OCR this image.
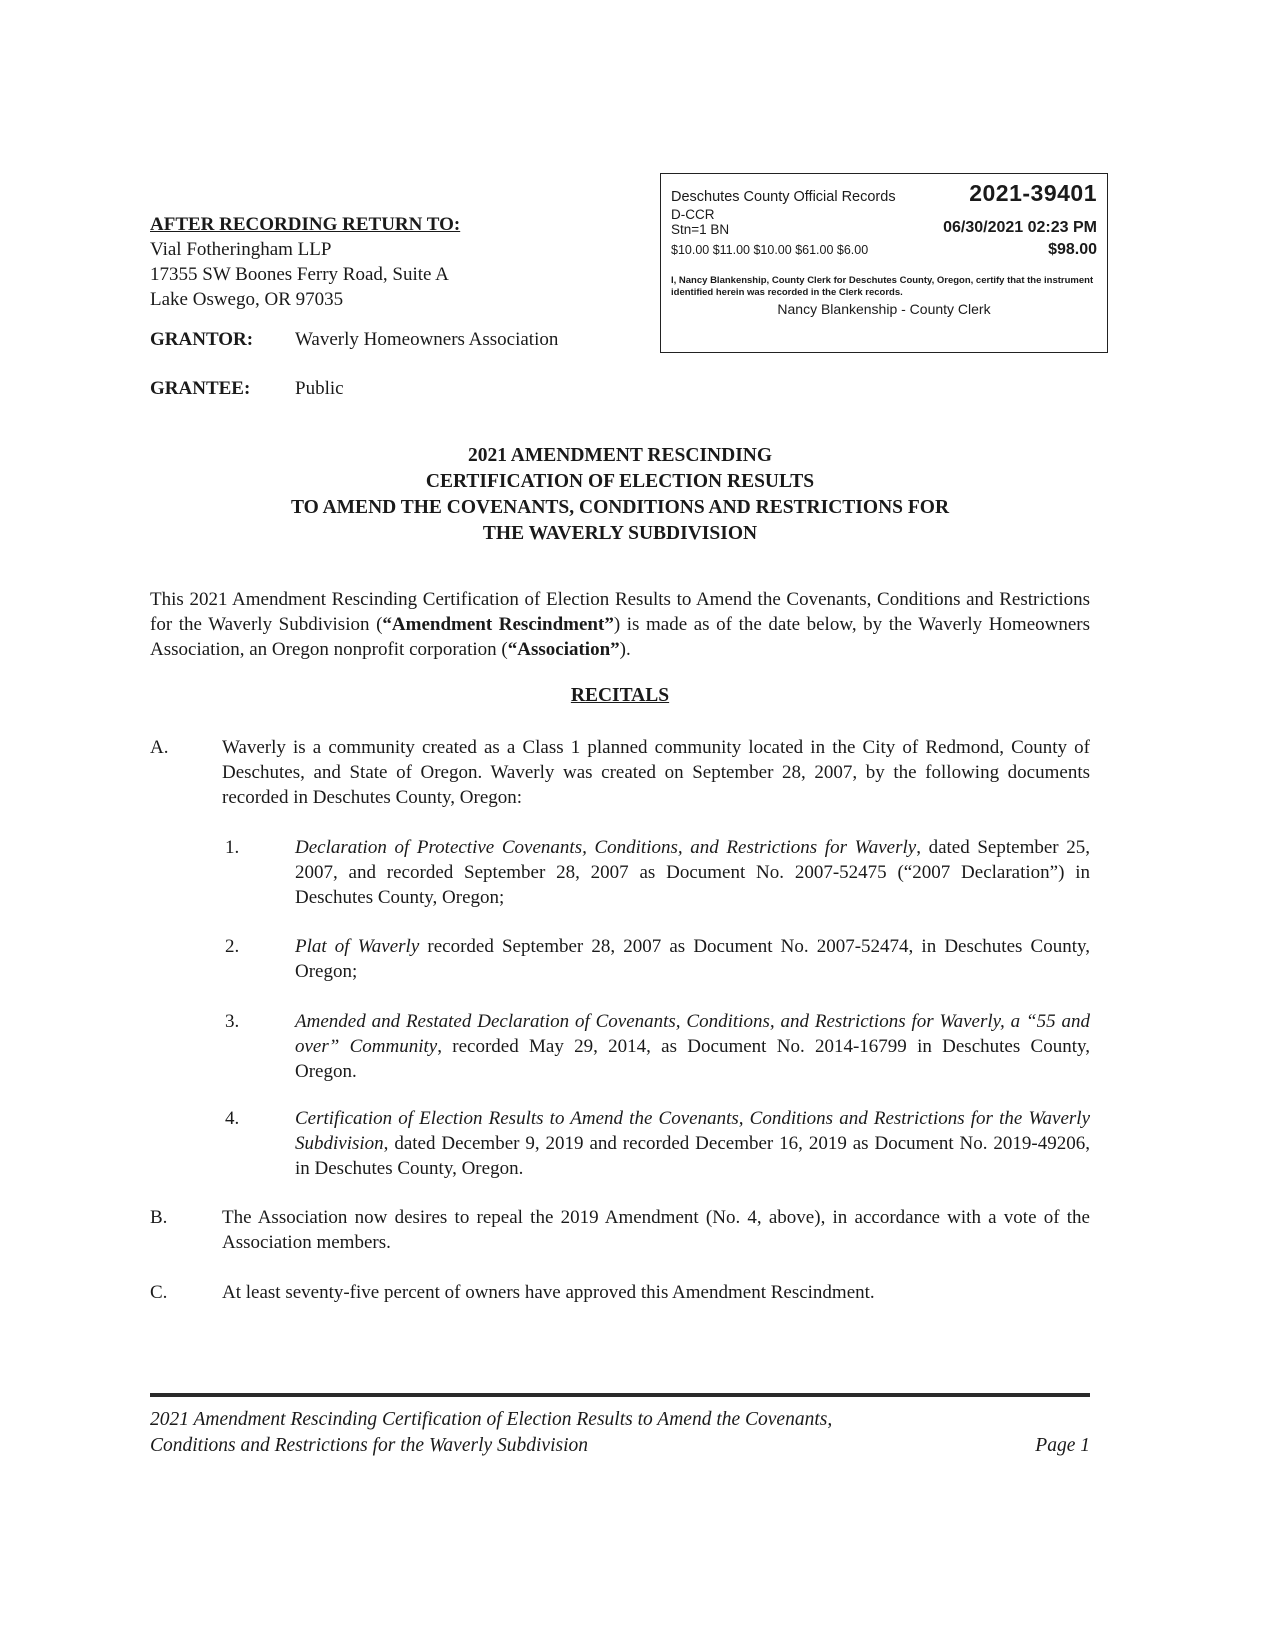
AFTER RECORDING RETURN TO:
Vial Fotheringham LLP
17355 SW Boones Ferry Road, Suite A
Lake Oswego, OR 97035
GRANTOR: Waverly Homeowners Association
GRANTEE: Public
Deschutes County Official Records	2021-39401
D-CCR
Stn=1 BN	06/30/2021 02:23 PM
$10.00 $11.00 $10.00 $61.00 $6.00	$98.00
I, Nancy Blankenship, County Clerk for Deschutes County, Oregon, certify that the instrument identified herein was recorded in the Clerk records.
Nancy Blankenship - County Clerk
2021 AMENDMENT RESCINDING
CERTIFICATION OF ELECTION RESULTS
TO AMEND THE COVENANTS, CONDITIONS AND RESTRICTIONS FOR
THE WAVERLY SUBDIVISION
This 2021 Amendment Rescinding Certification of Election Results to Amend the Covenants, Conditions and Restrictions for the Waverly Subdivision (“Amendment Rescindment”) is made as of the date below, by the Waverly Homeowners Association, an Oregon nonprofit corporation (“Association”).
RECITALS
A.	Waverly is a community created as a Class 1 planned community located in the City of Redmond, County of Deschutes, and State of Oregon. Waverly was created on September 28, 2007, by the following documents recorded in Deschutes County, Oregon:
1.	Declaration of Protective Covenants, Conditions, and Restrictions for Waverly, dated September 25, 2007, and recorded September 28, 2007 as Document No. 2007-52475 (“2007 Declaration”) in Deschutes County, Oregon;
2.	Plat of Waverly recorded September 28, 2007 as Document No. 2007-52474, in Deschutes County, Oregon;
3.	Amended and Restated Declaration of Covenants, Conditions, and Restrictions for Waverly, a “55 and over” Community, recorded May 29, 2014, as Document No. 2014-16799 in Deschutes County, Oregon.
4.	Certification of Election Results to Amend the Covenants, Conditions and Restrictions for the Waverly Subdivision, dated December 9, 2019 and recorded December 16, 2019 as Document No. 2019-49206, in Deschutes County, Oregon.
B.	The Association now desires to repeal the 2019 Amendment (No. 4, above), in accordance with a vote of the Association members.
C.	At least seventy-five percent of owners have approved this Amendment Rescindment.
2021 Amendment Rescinding Certification of Election Results to Amend the Covenants,
Conditions and Restrictions for the Waverly Subdivision	Page 1
